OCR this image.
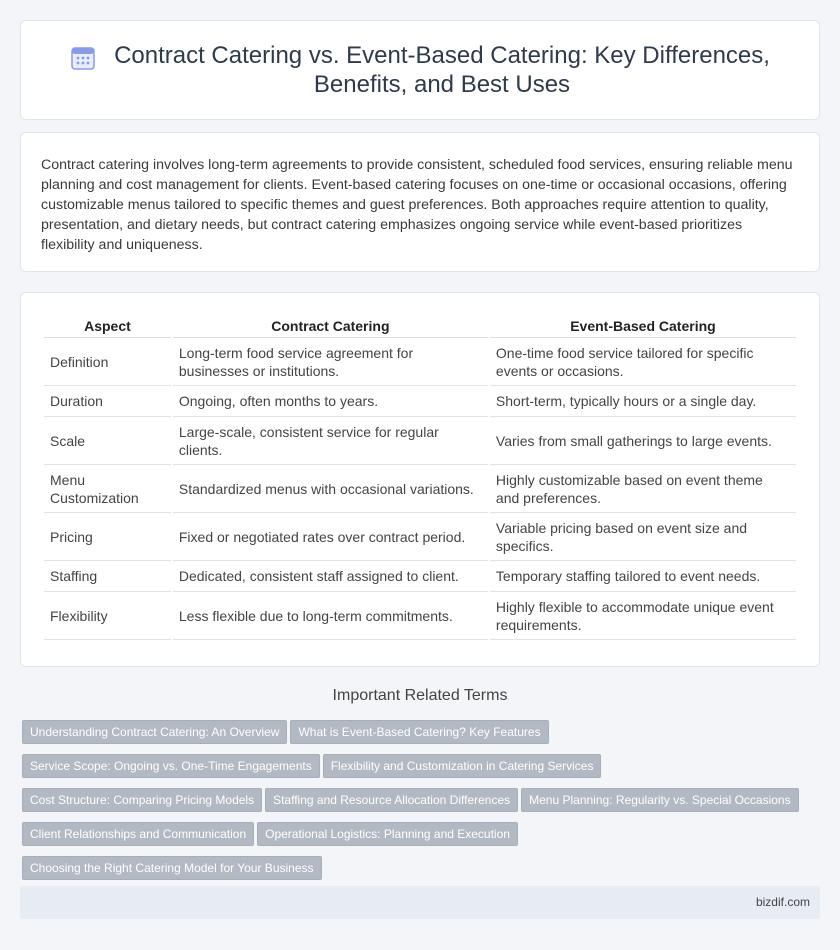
Contract Catering vs. Event-Based Catering: Key Differences,
Benefits, and Best Uses

Contract catering involves long-term agreements to provide consistent, scheduled food services, ensuring reliable menu planning and cost management for clients. Event-based catering focuses on one-time or occasional occasions, offering customizable menus tailored to specific themes and guest preferences. Both approaches require attention to quality, presentation, and dietary needs, but contract catering emphasizes ongoing service while event-based prioritizes flexibility and uniqueness.

Aspect	Contract Catering	Event-Based Catering
Definition	Long-term food service agreement for businesses or institutions.	One-time food service tailored for specific events or occasions.
Duration	Ongoing, often months to years.	Short-term, typically hours or a single day.
Scale	Large-scale, consistent service for regular clients.	Varies from small gatherings to large events.
Menu Customization	Standardized menus with occasional variations.	Highly customizable based on event theme and preferences.
Pricing	Fixed or negotiated rates over contract period.	Variable pricing based on event size and specifics.
Staffing	Dedicated, consistent staff assigned to client.	Temporary staffing tailored to event needs.
Flexibility	Less flexible due to long-term commitments.	Highly flexible to accommodate unique event requirements.
Important Related Terms
Understanding Contract Catering: An Overview What is Event-Based Catering? Key Features
Service Scope: Ongoing vs. One-Time Engagements Flexibility and Customization in Catering Services
Cost Structure: Comparing Pricing Models Staffing and Resource Allocation Differences Menu Planning: Regularity vs. Special Occasions
Client Relationships and Communication Operational Logistics: Planning and Execution
Choosing the Right Catering Model for Your Business
bizdif.com
